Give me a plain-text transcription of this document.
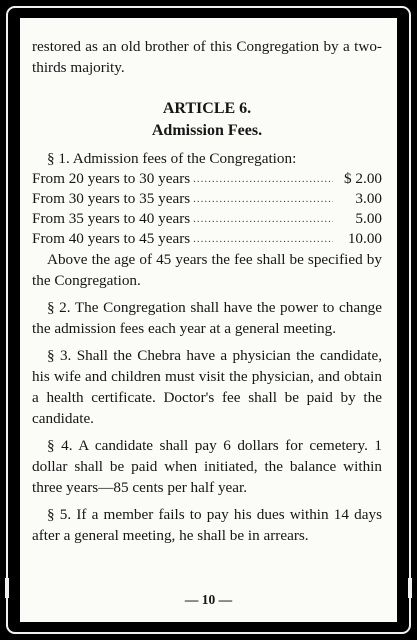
restored as an old brother of this Congregation by a two-thirds majority.

ARTICLE 6.
Admission Fees.

§ 1. Admission fees of the Congregation:

From 20 years to 30 years .....	$ 2.00
From 30 years to 35 years .....	3.00
From 35 years to 40 years .....	5.00
From 40 years to 45 years .....	10.00

Above the age of 45 years the fee shall be specified by the Congregation.

§ 2. The Congregation shall have the power to change the admission fees each year at a general meeting.

§ 3. Shall the Chebra have a physician the candidate, his wife and children must visit the physician, and obtain a health certificate. Doctor's fee shall be paid by the candidate.

§ 4. A candidate shall pay 6 dollars for cemetery. 1 dollar shall be paid when initiated, the balance within three years—85 cents per half year.

§ 5. If a member fails to pay his dues within 14 days after a general meeting, he shall be in arrears.

— 10 —
